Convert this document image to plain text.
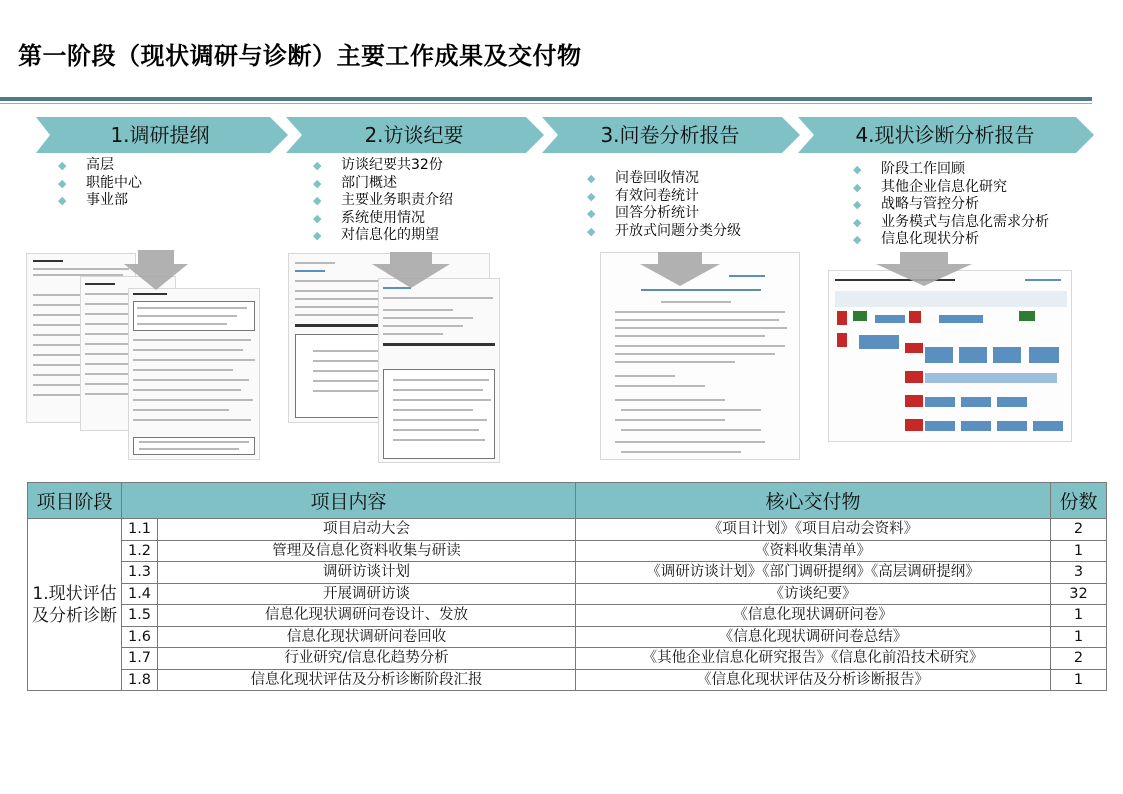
第一阶段（现状调研与诊断）主要工作成果及交付物
1.调研提纲	2.访谈纪要	3.问卷分析报告	4.现状诊断分析报告
◆ 高层
◆ 职能中心
◆ 事业部
◆ 访谈纪要共32份
◆ 部门概述
◆ 主要业务职责介绍
◆ 系统使用情况
◆ 对信息化的期望
◆ 问卷回收情况
◆ 有效问卷统计
◆ 回答分析统计
◆ 开放式问题分类分级
◆ 阶段工作回顾
◆ 其他企业信息化研究
◆ 战略与管控分析
◆ 业务模式与信息化需求分析
◆ 信息化现状分析
项目阶段	项目内容		核心交付物	份数
1.现状评估及分析诊断	1.1	项目启动大会	《项目计划》《项目启动会资料》	2
	1.2	管理及信息化资料收集与研读	《资料收集清单》	1
	1.3	调研访谈计划	《调研访谈计划》《部门调研提纲》《高层调研提纲》	3
	1.4	开展调研访谈	《访谈纪要》	32
	1.5	信息化现状调研问卷设计、发放	《信息化现状调研问卷》	1
	1.6	信息化现状调研问卷回收	《信息化现状调研问卷总结》	1
	1.7	行业研究/信息化趋势分析	《其他企业信息化研究报告》《信息化前沿技术研究》	2
	1.8	信息化现状评估及分析诊断阶段汇报	《信息化现状评估及分析诊断报告》	1
